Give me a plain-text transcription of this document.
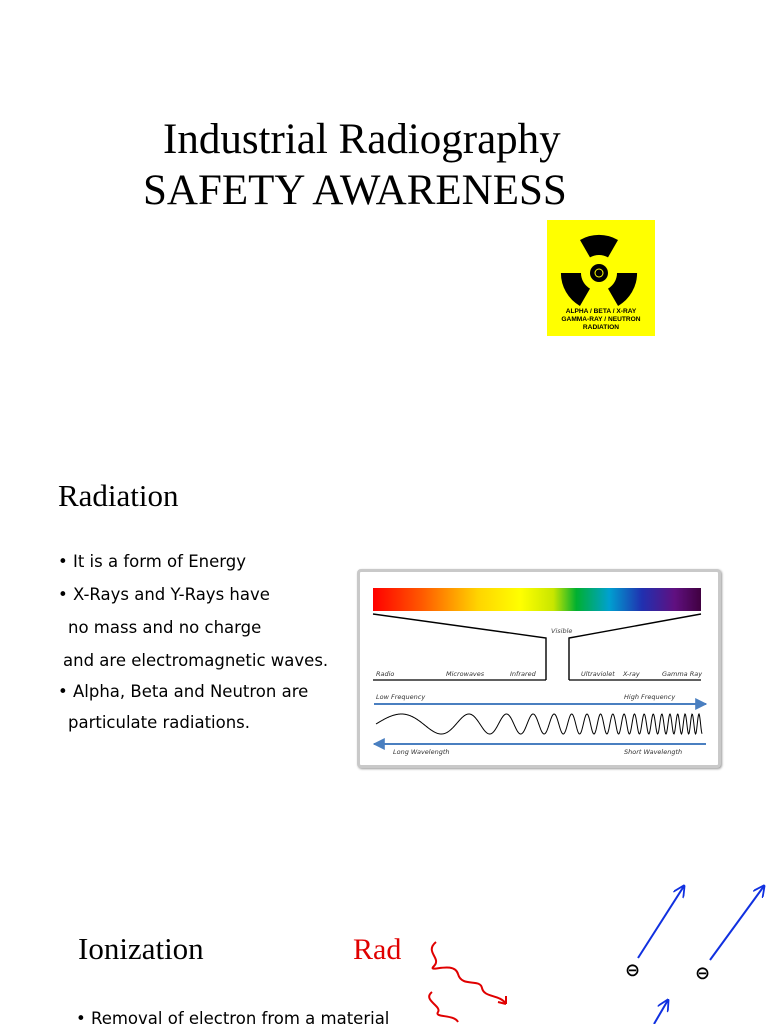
Industrial Radiography
SAFETY AWARENESS
ALPHA / BETA / X-RAY
GAMMA-RAY / NEUTRON
RADIATION
Radiation
• It is a form of Energy
• X-Rays and Y-Rays have
no mass and no charge
and are electromagnetic waves.
• Alpha, Beta and Neutron are
particulate radiations.
Visible
Radio	Microwaves	Infrared	Ultraviolet X-ray	Gamma Ray
Low Frequency	High Frequency
Long Wavelength	Short Wavelength
Ionization	Rad
⊖	⊖
• Removal of electron from a material
